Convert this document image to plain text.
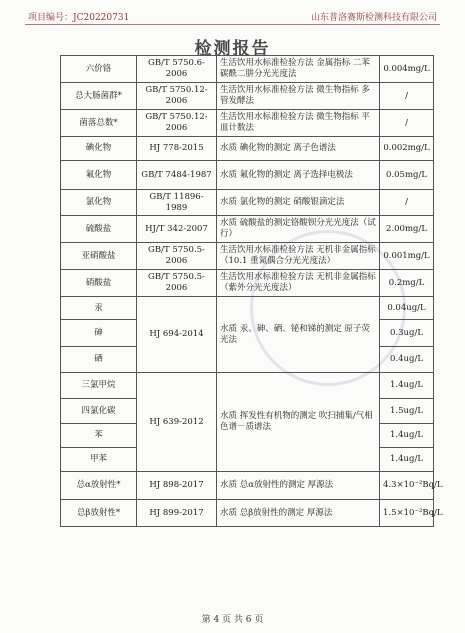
项目编号：JC20220731	山东普洛赛斯检测科技有限公司
检测报告
六价铬	GB/T 5750.6-2006	生活饮用水标准检验方法 金属指标 二苯碳酰二肼分光光度法	0.004mg/L
总大肠菌群*	GB/T 5750.12-2006	生活饮用水标准检验方法 微生物指标 多管发酵法	/
菌落总数*	GB/T 5750.12-2006	生活饮用水标准检验方法 微生物指标 平皿计数法	/
碘化物	HJ 778-2015	水质 碘化物的测定 离子色谱法	0.002mg/L
氟化物	GB/T 7484-1987	水质 氟化物的测定 离子选择电极法	0.05mg/L
氯化物	GB/T 11896-1989	水质 氯化物的测定 硝酸银滴定法	/
硫酸盐	HJ/T 342-2007	水质 硫酸盐的测定铬酸钡分光光度法（试行）	2.00mg/L
亚硝酸盐	GB/T 5750.5-2006	生活饮用水标准检验方法 无机非金属指标（10.1 重氮偶合分光光度法）	0.001mg/L
硝酸盐	GB/T 5750.5-2006	生活饮用水标准检验方法 无机非金属指标（紫外分光光度法）	0.2mg/L
汞	HJ 694-2014	水质 汞、砷、硒、铋和锑的测定 原子荧光法	0.04ug/L
砷			0.3ug/L
硒			0.4ug/L
三氯甲烷	HJ 639-2012	水质 挥发性有机物的测定 吹扫捕集/气相色谱－质谱法	1.4ug/L
四氯化碳			1.5ug/L
苯			1.4ug/L
甲苯			1.4ug/L
总α放射性*	HJ 898-2017	水质 总α放射性的测定 厚源法	4.3×10⁻²Bq/L
总β放射性*	HJ 899-2017	水质 总β放射性的测定 厚源法	1.5×10⁻²Bq/L
第 4 页 共 6 页
